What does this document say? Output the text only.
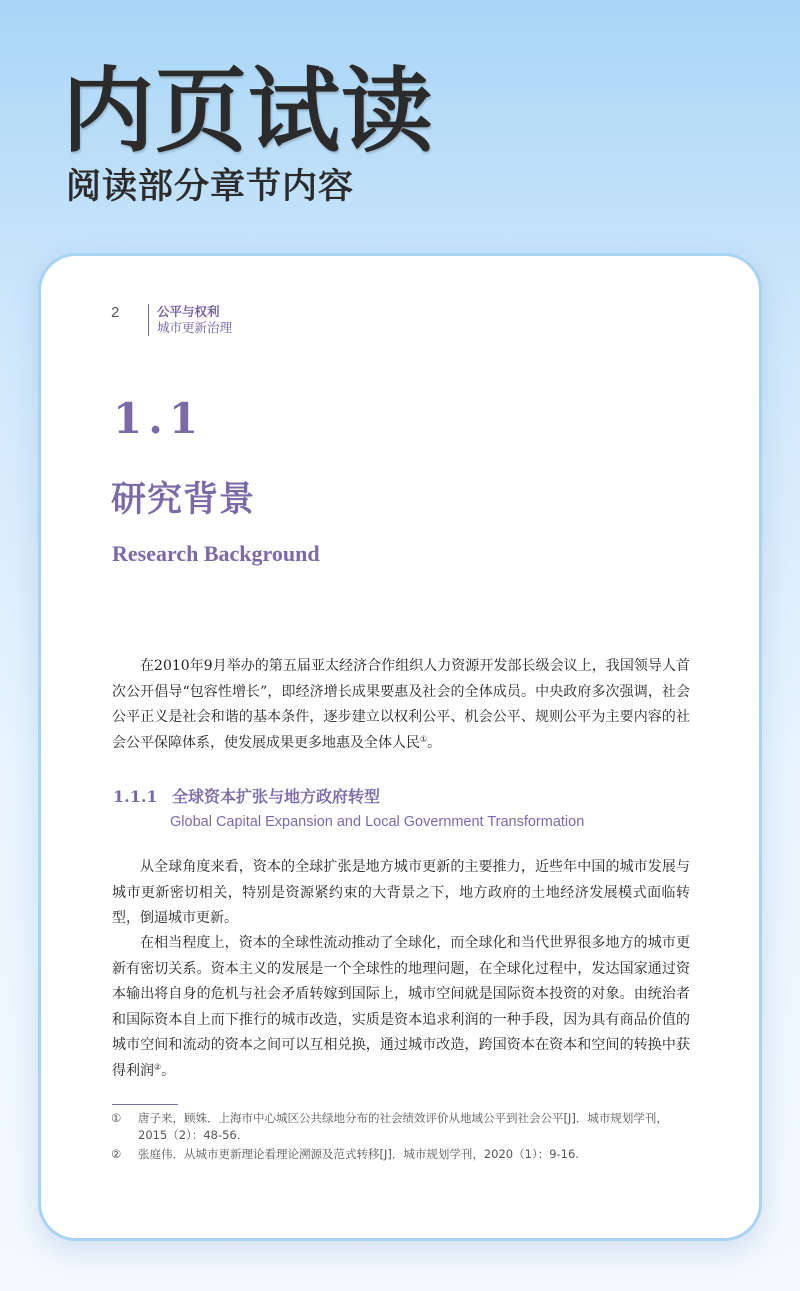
内页试读
阅读部分章节内容
2	公平与权利
城市更新治理
1.1
研究背景
Research Background

在2010年9月举办的第五届亚太经济合作组织人力资源开发部长级会议上，我国领导人首次公开倡导“包容性增长”，即经济增长成果要惠及社会的全体成员。中央政府多次强调，社会公平正义是社会和谐的基本条件，逐步建立以权利公平、机会公平、规则公平为主要内容的社会公平保障体系，使发展成果更多地惠及全体人民①。

1.1.1 全球资本扩张与地方政府转型
Global Capital Expansion and Local Government Transformation

从全球角度来看，资本的全球扩张是地方城市更新的主要推力，近些年中国的城市发展与城市更新密切相关，特别是资源紧约束的大背景之下，地方政府的土地经济发展模式面临转型，倒逼城市更新。

在相当程度上，资本的全球性流动推动了全球化，而全球化和当代世界很多地方的城市更新有密切关系。资本主义的发展是一个全球性的地理问题，在全球化过程中，发达国家通过资本输出将自身的危机与社会矛盾转嫁到国际上，城市空间就是国际资本投资的对象。由统治者和国际资本自上而下推行的城市改造，实质是资本追求利润的一种手段，因为具有商品价值的城市空间和流动的资本之间可以互相兑换，通过城市改造，跨国资本在资本和空间的转换中获得利润②。

① 唐子来，顾姝．上海市中心城区公共绿地分布的社会绩效评价从地域公平到社会公平[J]．城市规划学刊，2015（2）：48-56.
② 张庭伟．从城市更新理论看理论溯源及范式转移[J]．城市规划学刊，2020（1）：9-16.
